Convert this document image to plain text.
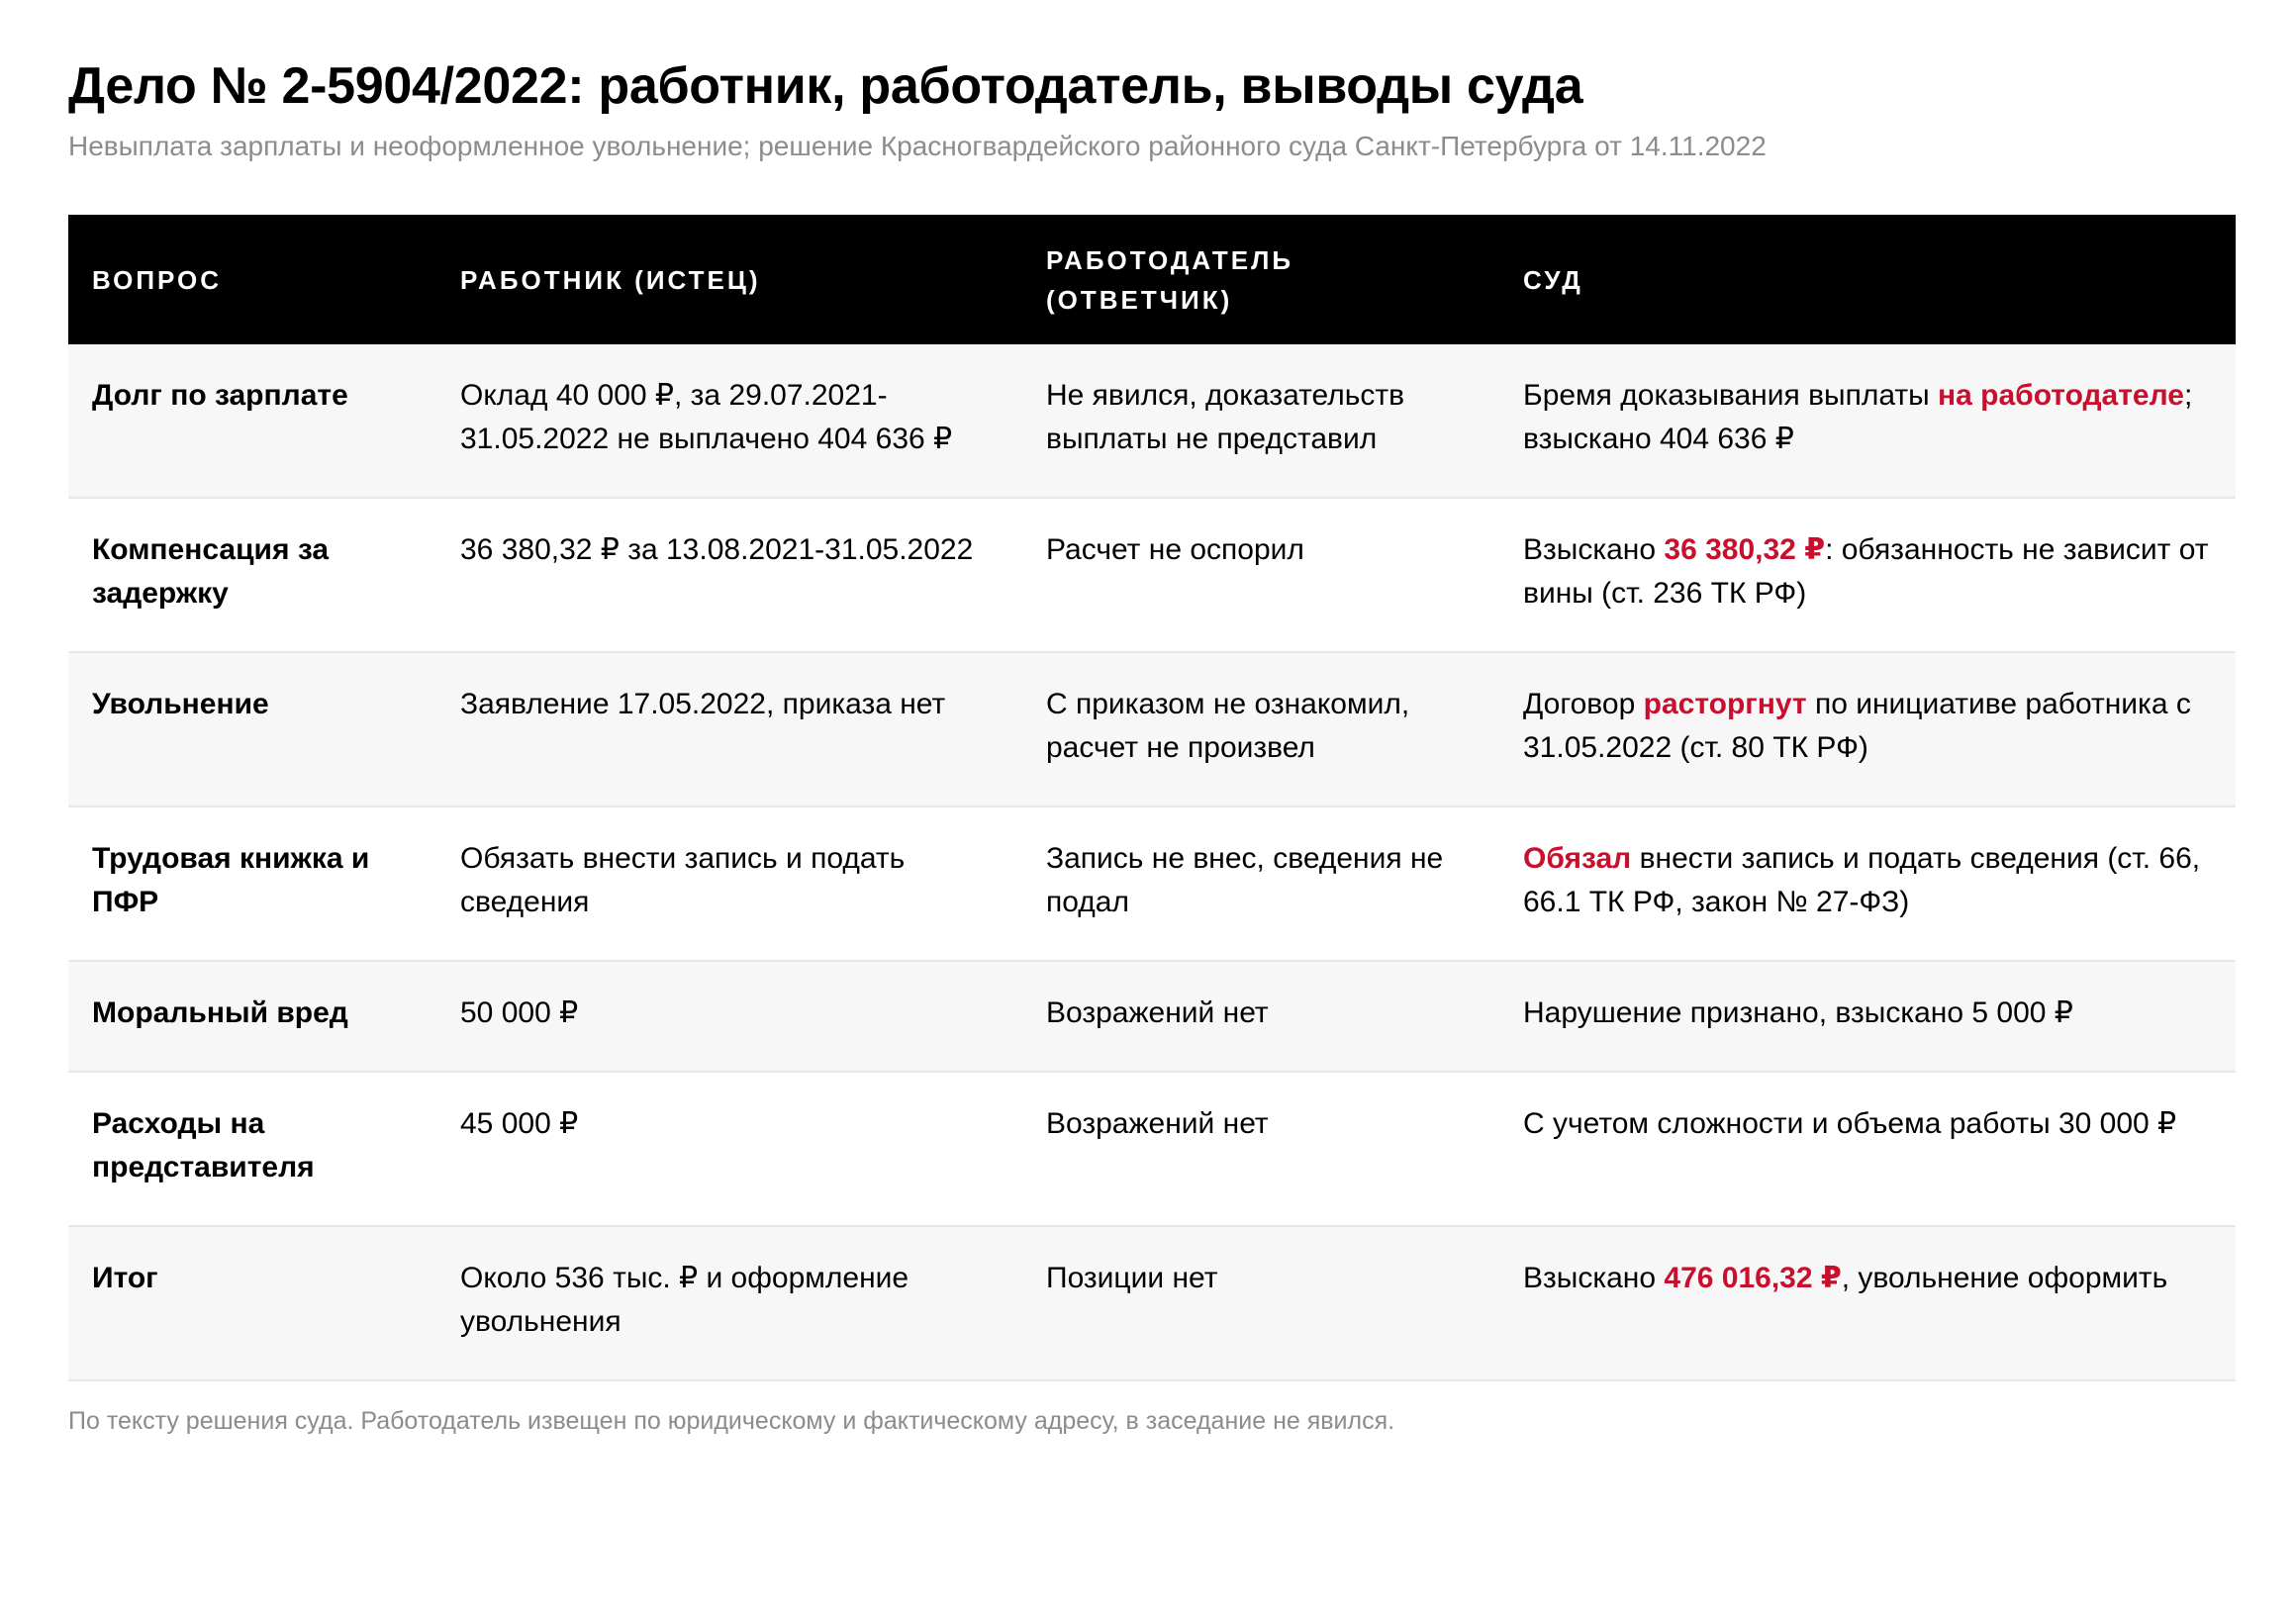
Дело № 2-5904/2022: работник, работодатель, выводы суда

Невыплата зарплаты и неоформленное увольнение; решение Красногвардейского районного суда Санкт-Петербурга от 14.11.2022

ВОПРОС	РАБОТНИК (ИСТЕЦ)	РАБОТОДАТЕЛЬ (ОТВЕТЧИК)	СУД
Долг по зарплате	Оклад 40 000 ₽, за 29.07.2021-31.05.2022 не выплачено 404 636 ₽	Не явился, доказательств выплаты не представил	Бремя доказывания выплаты на работодателе; взыскано 404 636 ₽
Компенсация за задержку	36 380,32 ₽ за 13.08.2021-31.05.2022	Расчет не оспорил	Взыскано 36 380,32 ₽: обязанность не зависит от вины (ст. 236 ТК РФ)
Увольнение	Заявление 17.05.2022, приказа нет	С приказом не ознакомил, расчет не произвел	Договор расторгнут по инициативе работника с 31.05.2022 (ст. 80 ТК РФ)
Трудовая книжка и ПФР	Обязать внести запись и подать сведения	Запись не внес, сведения не подал	Обязал внести запись и подать сведения (ст. 66, 66.1 ТК РФ, закон № 27-ФЗ)
Моральный вред	50 000 ₽	Возражений нет	Нарушение признано, взыскано 5 000 ₽
Расходы на представителя	45 000 ₽	Возражений нет	С учетом сложности и объема работы 30 000 ₽
Итог	Около 536 тыс. ₽ и оформление увольнения	Позиции нет	Взыскано 476 016,32 ₽, увольнение оформить
По тексту решения суда. Работодатель извещен по юридическому и фактическому адресу, в заседание не явился.
